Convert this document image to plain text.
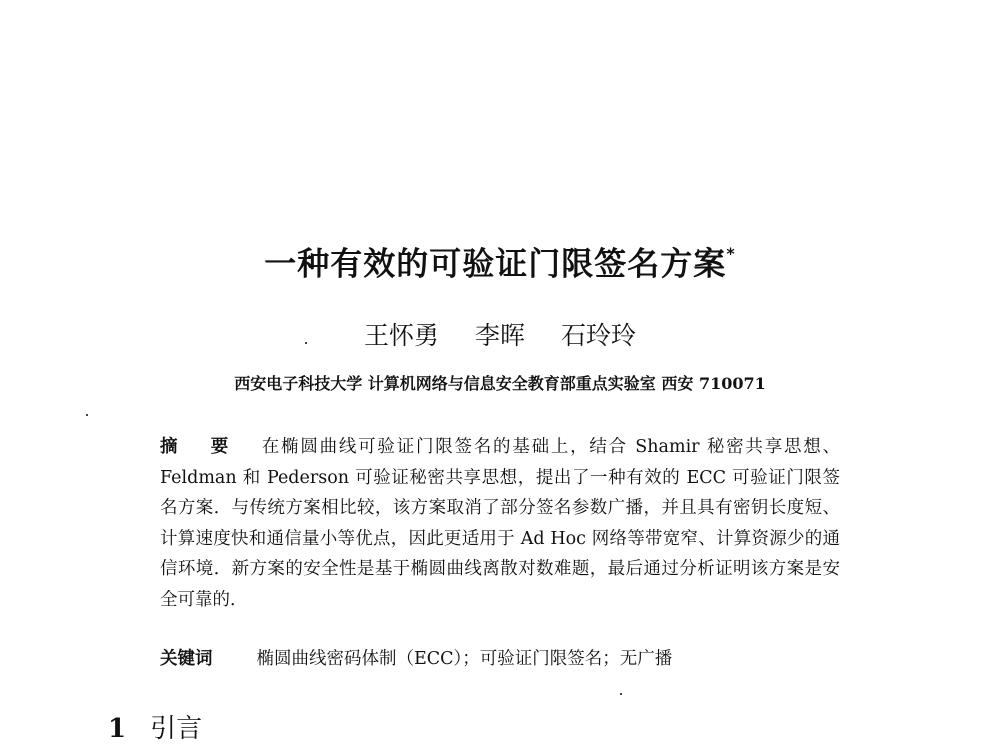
一种有效的可验证门限签名方案*
王怀勇 李晖 石玲玲
西安电子科技大学 计算机网络与信息安全教育部重点实验室 西安 710071
摘    要 在椭圆曲线可验证门限签名的基础上，结合 Shamir 秘密共享思想、Feldman 和 Pederson 可验证秘密共享思想，提出了一种有效的 ECC 可验证门限签名方案．与传统方案相比较，该方案取消了部分签名参数广播，并且具有密钥长度短、计算速度快和通信量小等优点，因此更适用于 Ad Hoc 网络等带宽窄、计算资源少的通信环境．新方案的安全性是基于椭圆曲线离散对数难题，最后通过分析证明该方案是安全可靠的．
关键词	椭圆曲线密码体制（ECC）；可验证门限签名；无广播
1 引言
